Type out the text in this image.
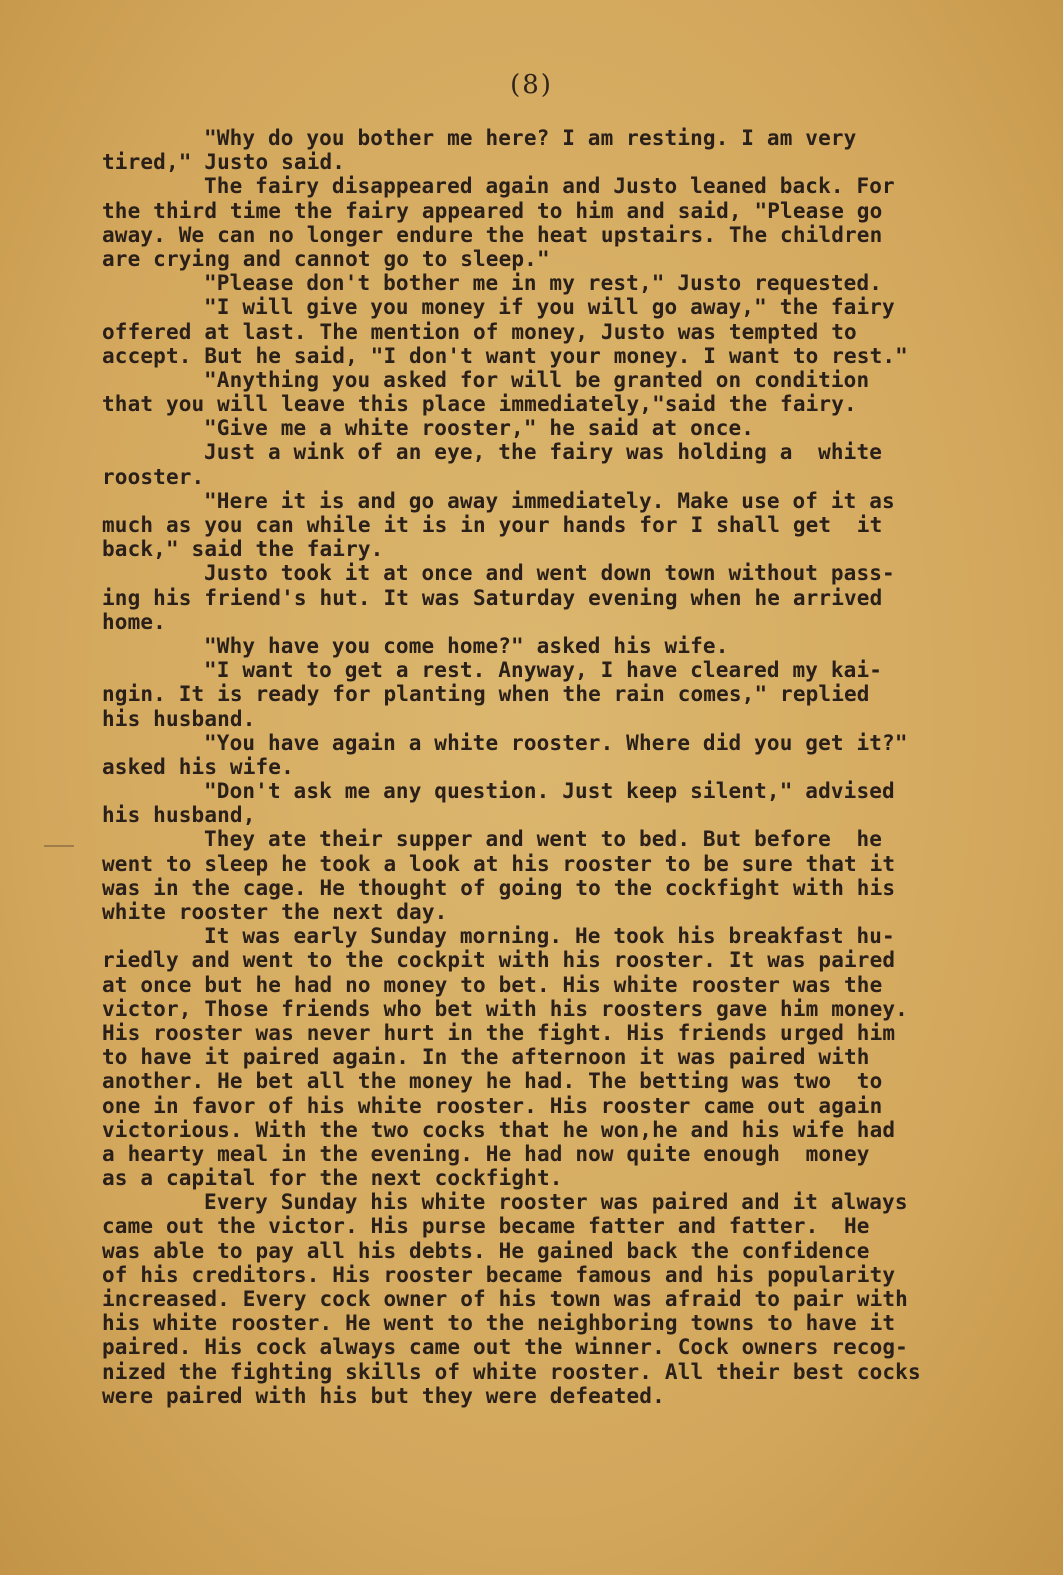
(8)
"Why do you bother me here? I am resting. I am very
tired," Justo said.
The fairy disappeared again and Justo leaned back. For
the third time the fairy appeared to him and said, "Please go
away. We can no longer endure the heat upstairs. The children
are crying and cannot go to sleep."
"Please don't bother me in my rest," Justo requested.
"I will give you money if you will go away," the fairy
offered at last. The mention of money, Justo was tempted to
accept. But he said, "I don't want your money. I want to rest."
"Anything you asked for will be granted on condition
that you will leave this place immediately,"said the fairy.
"Give me a white rooster," he said at once.
Just a wink of an eye, the fairy was holding a  white
rooster.
"Here it is and go away immediately. Make use of it as
much as you can while it is in your hands for I shall get  it
back," said the fairy.
Justo took it at once and went down town without pass-
ing his friend's hut. It was Saturday evening when he arrived
home.
"Why have you come home?" asked his wife.
"I want to get a rest. Anyway, I have cleared my kai-
ngin. It is ready for planting when the rain comes," replied
his husband.
"You have again a white rooster. Where did you get it?"
asked his wife.
"Don't ask me any question. Just keep silent," advised
his husband,
They ate their supper and went to bed. But before  he
went to sleep he took a look at his rooster to be sure that it
was in the cage. He thought of going to the cockfight with his
white rooster the next day.
It was early Sunday morning. He took his breakfast hu-
riedly and went to the cockpit with his rooster. It was paired
at once but he had no money to bet. His white rooster was the
victor, Those friends who bet with his roosters gave him money.
His rooster was never hurt in the fight. His friends urged him
to have it paired again. In the afternoon it was paired with
another. He bet all the money he had. The betting was two  to
one in favor of his white rooster. His rooster came out again
victorious. With the two cocks that he won,he and his wife had
a hearty meal in the evening. He had now quite enough  money
as a capital for the next cockfight.
Every Sunday his white rooster was paired and it always
came out the victor. His purse became fatter and fatter.  He
was able to pay all his debts. He gained back the confidence
of his creditors. His rooster became famous and his popularity
increased. Every cock owner of his town was afraid to pair with
his white rooster. He went to the neighboring towns to have it
paired. His cock always came out the winner. Cock owners recog-
nized the fighting skills of white rooster. All their best cocks
were paired with his but they were defeated.
